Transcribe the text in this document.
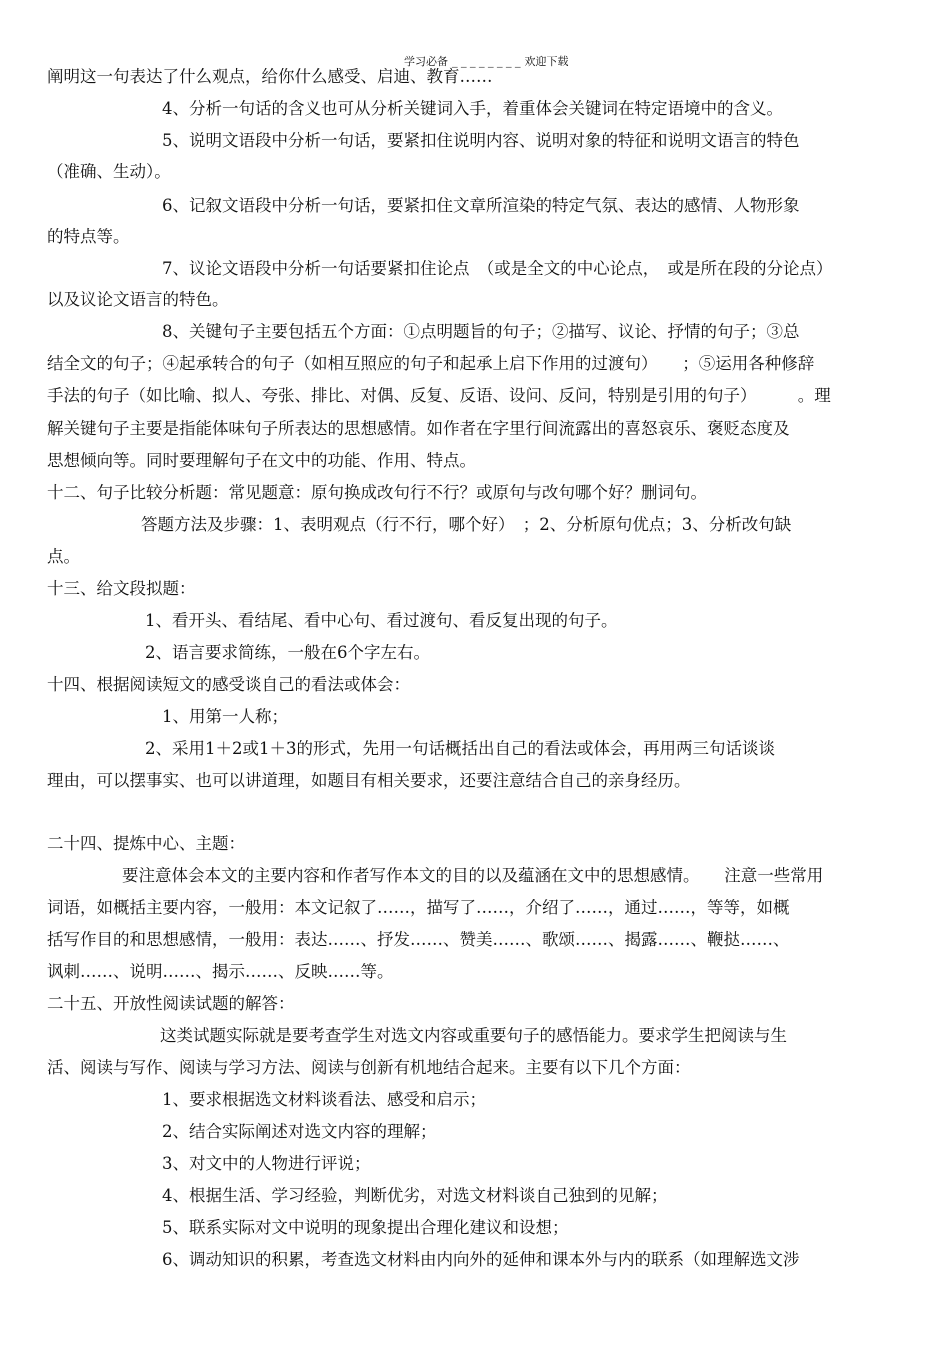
学习必备 _ _ _ _ _ _ _ _ 欢迎下载

阐明这一句表达了什么观点，给你什么感受、启迪、教育……
4、分析一句话的含义也可从分析关键词入手，着重体会关键词在特定语境中的含义。
5、说明文语段中分析一句话，要紧扣住说明内容、说明对象的特征和说明文语言的特色
（准确、生动）。
6、记叙文语段中分析一句话，要紧扣住文章所渲染的特定气氛、表达的感情、人物形象
的特点等。
7、议论文语段中分析一句话要紧扣住论点　（或是全文的中心论点，　或是所在段的分论点）
以及议论文语言的特色。
8、关键句子主要包括五个方面：①点明题旨的句子；②描写、议论、抒情的句子；③总
结全文的句子；④起承转合的句子（如相互照应的句子和起承上启下作用的过渡句）　　；⑤运用各种修辞
手法的句子（如比喻、拟人、夸张、排比、对偶、反复、反语、设问、反问，特别是引用的句子）　　　。理
解关键句子主要是指能体味句子所表达的思想感情。如作者在字里行间流露出的喜怒哀乐、褒贬态度及
思想倾向等。同时要理解句子在文中的功能、作用、特点。
十二、句子比较分析题：常见题意：原句换成改句行不行？或原句与改句哪个好？删词句。
答题方法及步骤：1、表明观点（行不行，哪个好）　；2、分析原句优点；3、分析改句缺
点。
十三、给文段拟题：
1、看开头、看结尾、看中心句、看过渡句、看反复出现的句子。
2、语言要求简练，一般在6个字左右。
十四、根据阅读短文的感受谈自己的看法或体会：
1、用第一人称；
2、采用1＋2或1＋3的形式，先用一句话概括出自己的看法或体会，再用两三句话谈谈
理由，可以摆事实、也可以讲道理，如题目有相关要求，还要注意结合自己的亲身经历。
二十四、提炼中心、主题：
要注意体会本文的主要内容和作者写作本文的目的以及蕴涵在文中的思想感情。　　注意一些常用
词语，如概括主要内容，一般用：本文记叙了……，描写了……，介绍了……，通过……，等等，如概
括写作目的和思想感情，一般用：表达……、抒发……、赞美……、歌颂……、揭露……、鞭挞……、
讽刺……、说明……、揭示……、反映……等。
二十五、开放性阅读试题的解答：
这类试题实际就是要考查学生对选文内容或重要句子的感悟能力。要求学生把阅读与生
活、阅读与写作、阅读与学习方法、阅读与创新有机地结合起来。主要有以下几个方面：
1、要求根据选文材料谈看法、感受和启示；
2、结合实际阐述对选文内容的理解；
3、对文中的人物进行评说；
4、根据生活、学习经验，判断优劣，对选文材料谈自己独到的见解；
5、联系实际对文中说明的现象提出合理化建议和设想；
6、调动知识的积累，考查选文材料由内向外的延伸和课本外与内的联系（如理解选文涉
